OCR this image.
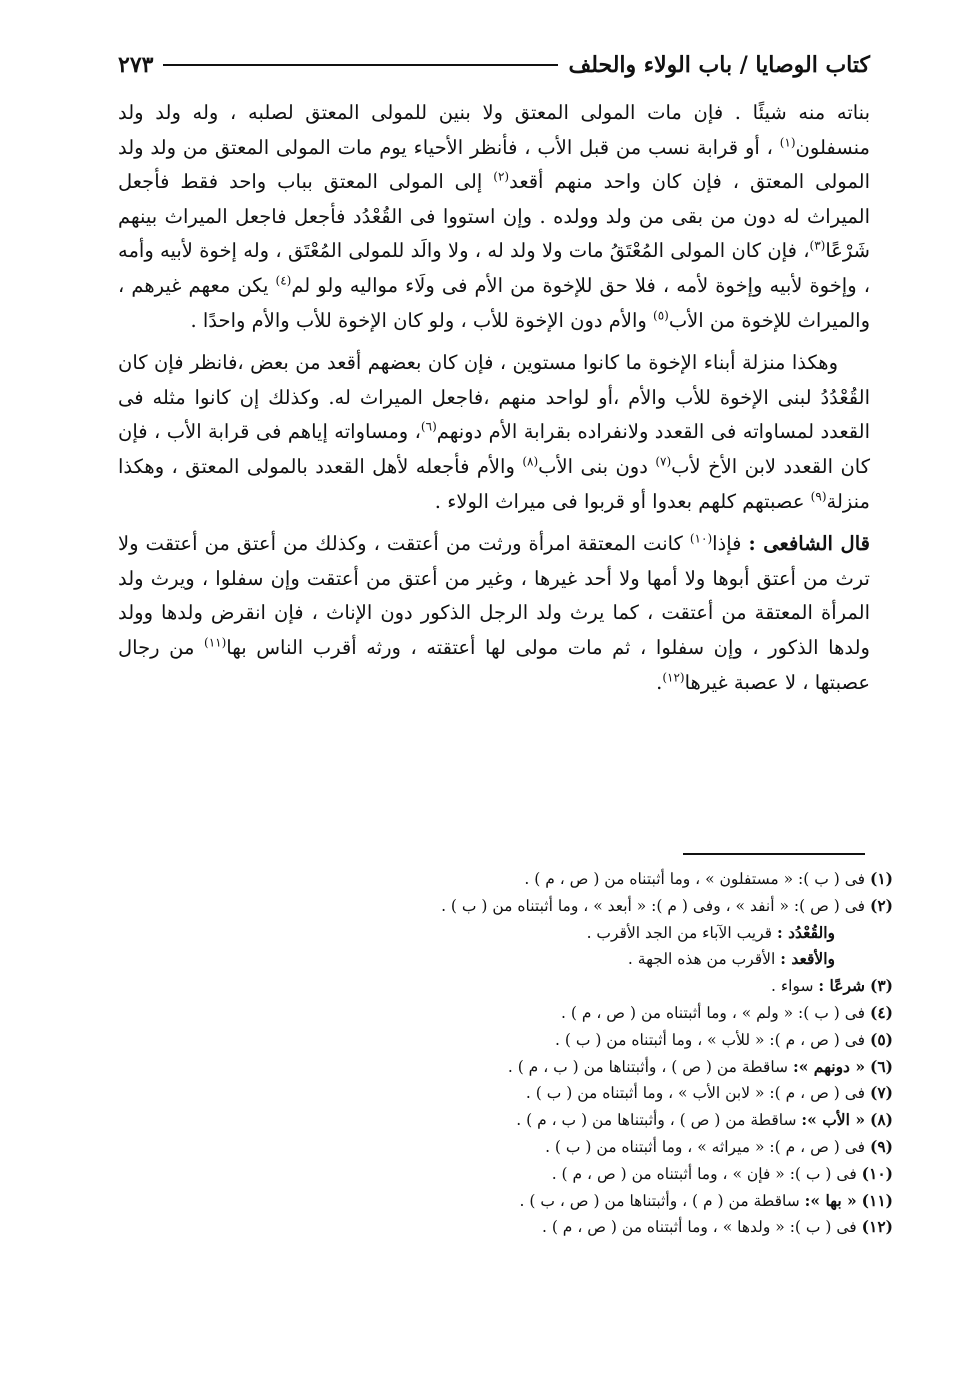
كتاب الوصايا / باب الولاء والحلف
٢٧٣

بناته منه شيئًا . فإن مات المولى المعتق ولا بنين للمولى المعتق لصلبه ، وله ولد ولد منسفلون$^{(١)}$ ، أو قرابة نسب من قبل الأب ، فأنظر الأحياء يوم مات المولى المعتق من ولد ولد المولى المعتق ، فإن كان واحد منهم أقعد$^{(٢)}$ إلى المولى المعتق بباب واحد فقط فأجعل الميراث له دون من بقى من ولد وولده . وإن استووا فى القُعْدُد فأجعل فاجعل الميراث بينهم شَرْعًا$^{(٣)}$، فإن كان المولى المُعْتَقُ مات ولا ولد له ، ولا والَد للمولى المُعْتَق ، وله إخوة لأبيه وأمه ، وإخوة لأبيه وإخوة لأمه ، فلا حق للإخوة من الأم فى ولَاء مواليه ولو لم$^{(٤)}$ يكن معهم غيرهم ، والميراث للإخوة من الأب$^{(٥)}$ والأم دون الإخوة للأب ، ولو كان الإخوة للأب والأم واحدًا .

وهكذا منزلة أبناء الإخوة ما كانوا مستوين ، فإن كان بعضهم أقعد من بعض ،فانظر فإن كان القُعْدُدُ لبنى الإخوة للأب والأم ،أو لواحد منهم ،فاجعل الميراث له. وكذلك إن كانوا مثله فى القعدد لمساواته فى القعدد ولانفراده بقرابة الأم دونهم$^{(٦)}$، ومساواته إياهم فى قرابة الأب ، فإن كان القعدد لابن الأخ لأب$^{(٧)}$ دون بنى الأب$^{(٨)}$ والأم فأجعله لأهل القعدد بالمولى المعتق ، وهكذا منزلة$^{(٩)}$ عصبتهم كلهم بعدوا أو قربوا فى ميراث الولاء .

قال الشافعى : فإذا$^{(١٠)}$ كانت المعتقة امرأة ورثت من أعتقت ، وكذلك من أعتق من أعتقت ولا ترث من أعتق أبوها ولا أمها ولا أحد غيرها ، وغير من أعتق من أعتقت وإن سفلوا ، ويرث ولد المرأة المعتقة من أعتقت ، كما يرث ولد الرجل الذكور دون الإناث ، فإن انقرض ولدها وولد ولدها الذكور ، وإن سفلوا ، ثم مات مولى لها أعتقته ، ورثه أقرب الناس بها$^{(١١)}$ من رجال عصبتها ، لا عصبة غيرها$^{(١٢)}$.

(١) فى ( ب ): « مستفلون » ، وما أثبتناه من ( ص ، م ) .

(٢) فى ( ص ): « أنفد » ، وفى ( م ): « أبعد » ، وما أثبتناه من ( ب ) .

والقُعْدُد : قريب الآباء من الجد الأقرب .

والأقعد : الأقرب من هذه الجهة .

(٣) شرعًا : سواء .

(٤) فى ( ب ): « ولم » ، وما أثبتناه من ( ص ، م ) .

(٥) فى ( ص ، م ): « للأب » ، وما أثبتناه من ( ب ) .

(٦) « دونهم »: ساقطة من ( ص ) ، وأثبتناها من ( ب ، م ) .

(٧) فى ( ص ، م ): « لابن الأب » ، وما أثبتناه من ( ب ) .

(٨) « الأب »: ساقطة من ( ص ) ، وأثبتناها من ( ب ، م ) .

(٩) فى ( ص ، م ): « ميراثه » ، وما أثبتناه من ( ب ) .

(١٠) فى ( ب ): « فإن » ، وما أثبتناه من ( ص ، م ) .

(١١) « بها »: ساقطة من ( م ) ، وأثبتناها من ( ص ، ب ) .

(١٢) فى ( ب ): « ولدها » ، وما أثبتناه من ( ص ، م ) .
